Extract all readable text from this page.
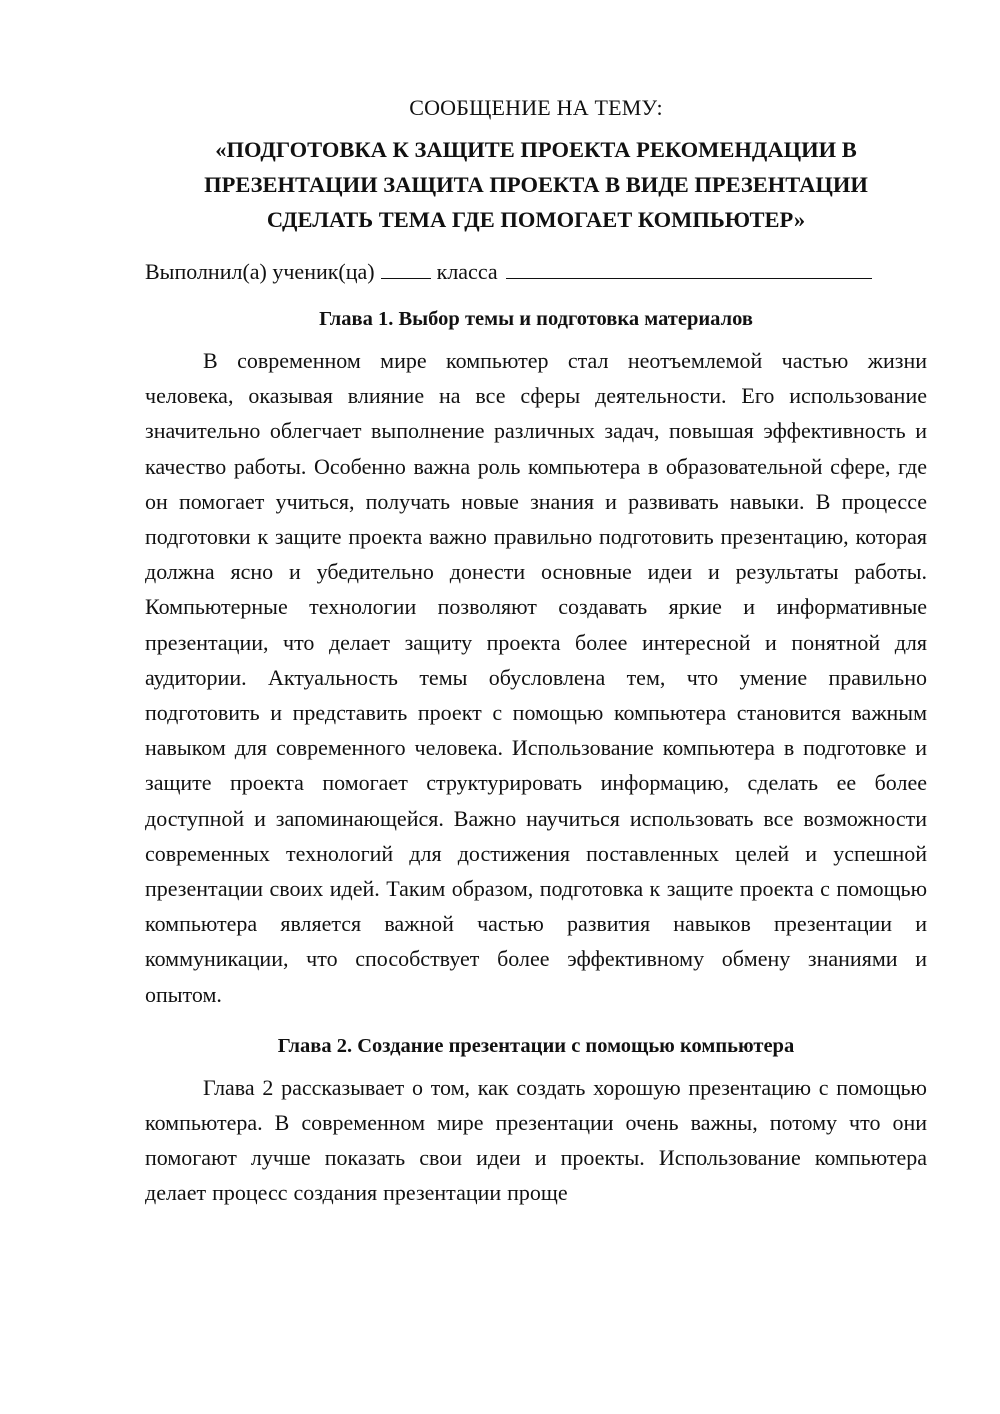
СООБЩЕНИЕ НА ТЕМУ:
«ПОДГОТОВКА К ЗАЩИТЕ ПРОЕКТА РЕКОМЕНДАЦИИ В
ПРЕЗЕНТАЦИИ ЗАЩИТА ПРОЕКТА В ВИДЕ ПРЕЗЕНТАЦИИ
СДЕЛАТЬ ТЕМА ГДЕ ПОМОГАЕТ КОМПЬЮТЕР»
Выполнил(а) ученик(ца)	класса
Глава 1. Выбор темы и подготовка материалов

В современном мире компьютер стал неотъемлемой частью жизни человека, оказывая влияние на все сферы деятельности. Его использование значительно облегчает выполнение различных задач, повышая эффективность и качество работы. Особенно важна роль компьютера в образовательной сфере, где он помогает учиться, получать новые знания и развивать навыки. В процессе подготовки к защите проекта важно правильно подготовить презентацию, которая должна ясно и убедительно донести основные идеи и результаты работы. Компьютерные технологии позволяют создавать яркие и информативные презентации, что делает защиту проекта более интересной и понятной для аудитории. Актуальность темы обусловлена тем, что умение правильно подготовить и представить проект с помощью компьютера становится важным навыком для современного человека. Использование компьютера в подготовке и защите проекта помогает структурировать информацию, сделать ее более доступной и запоминающейся. Важно научиться использовать все возможности современных технологий для достижения поставленных целей и успешной презентации своих идей. Таким образом, подготовка к защите проекта с помощью компьютера является важной частью развития навыков презентации и коммуникации, что способствует более эффективному обмену знаниями и опытом.

Глава 2. Создание презентации с помощью компьютера

Глава 2 рассказывает о том, как создать хорошую презентацию с помощью компьютера. В современном мире презентации очень важны, потому что они помогают лучше показать свои идеи и проекты. Использование компьютера делает процесс создания презентации проще
